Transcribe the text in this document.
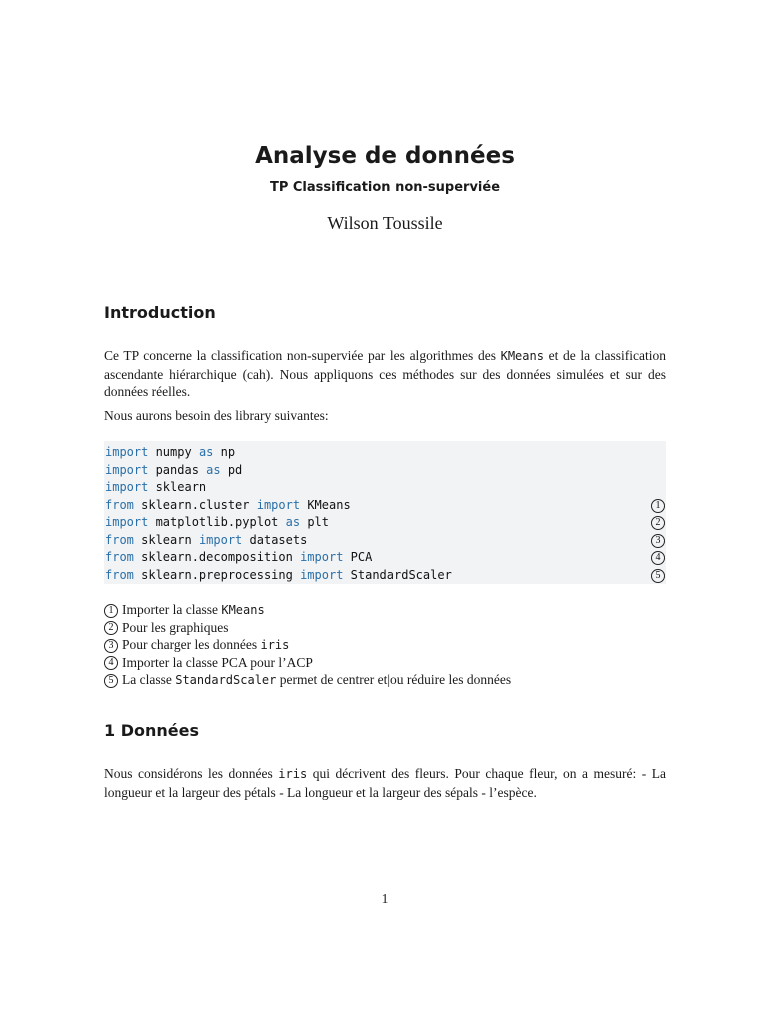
Analyse de données
TP Classification non-superviée
Wilson Toussile
Introduction
Ce TP concerne la classification non-superviée par les algorithmes des KMeans et de la classification ascendante hiérarchique (cah). Nous appliquons ces méthodes sur des données simulées et sur des données réelles.
Nous aurons besoin des library suivantes:
import numpy as np
import pandas as pd
import sklearn
from sklearn.cluster import KMeans	1
import matplotlib.pyplot as plt	2
from sklearn import datasets	3
from sklearn.decomposition import PCA	4
from sklearn.preprocessing import StandardScaler	5
1 Importer la classe KMeans
2 Pour les graphiques
3 Pour charger les données iris
4 Importer la classe PCA pour l’ACP
5 La classe StandardScaler permet de centrer et|ou réduire les données
1 Données
Nous considérons les données iris qui décrivent des fleurs. Pour chaque fleur, on a mesuré: - La longueur et la largeur des pétals - La longueur et la largeur des sépals - l’espèce.
1
